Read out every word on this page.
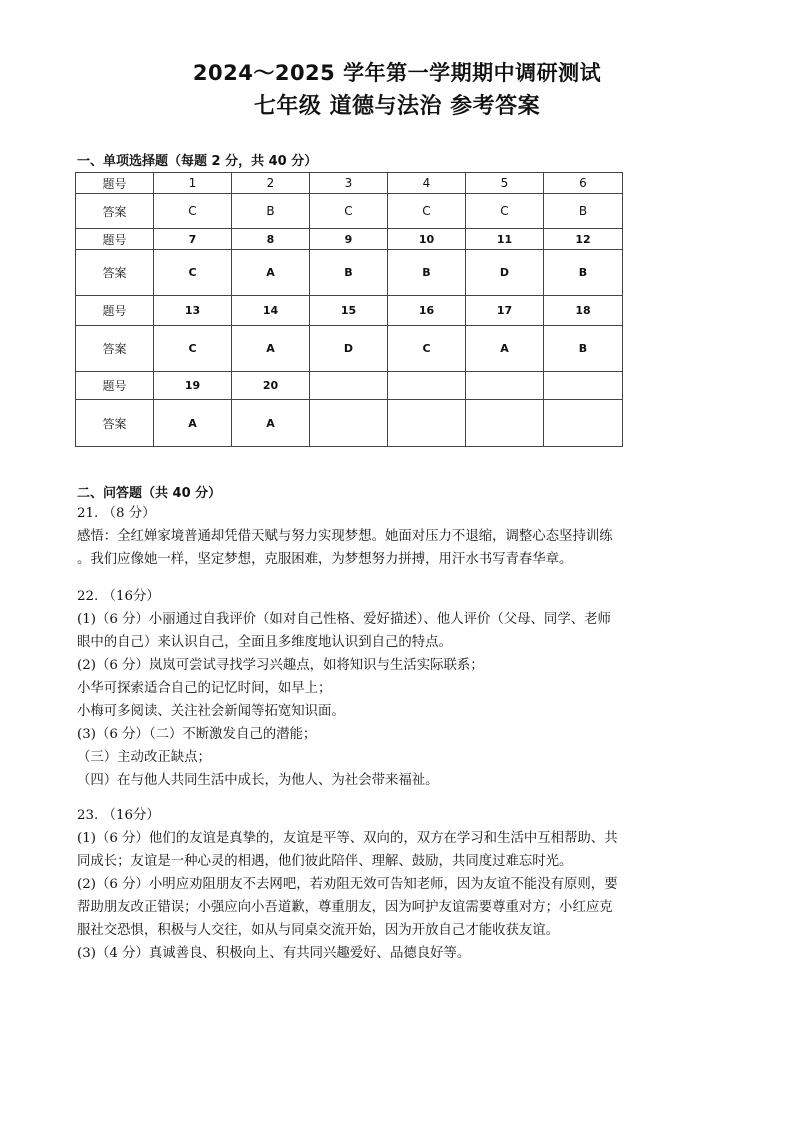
2024～2025 学年第一学期期中调研测试
七年级 道德与法治 参考答案
一、单项选择题（每题 2 分，共 40 分）
题号	1	2	3	4	5	6
答案	C	B	C	C	C	B
题号	7	8	9	10	11	12
答案	C	A	B	B	D	B
题号	13	14	15	16	17	18
答案	C	A	D	C	A	B
题号	19	20				
答案	A	A				
二、问答题（共 40 分）
21. （8 分）
感悟：全红婵家境普通却凭借天赋与努力实现梦想。她面对压力不退缩，调整心态坚持训练
。我们应像她一样，坚定梦想，克服困难，为梦想努力拼搏，用汗水书写青春华章。
22. （16分）
(1)（6 分）小丽通过自我评价（如对自己性格、爱好描述）、他人评价（父母、同学、老师
眼中的自己）来认识自己，全面且多维度地认识到自己的特点。
(2)（6 分）岚岚可尝试寻找学习兴趣点，如将知识与生活实际联系；
小华可探索适合自己的记忆时间，如早上；
小梅可多阅读、关注社会新闻等拓宽知识面。
(3)（6 分）（二）不断激发自己的潜能；
（三）主动改正缺点；
（四）在与他人共同生活中成长，为他人、为社会带来福祉。
23. （16分）
(1)（6 分）他们的友谊是真挚的，友谊是平等、双向的，双方在学习和生活中互相帮助、共
同成长；友谊是一种心灵的相遇，他们彼此陪伴、理解、鼓励，共同度过难忘时光。
(2)（6 分）小明应劝阻朋友不去网吧，若劝阻无效可告知老师，因为友谊不能没有原则，要
帮助朋友改正错误；小强应向小吾道歉，尊重朋友，因为呵护友谊需要尊重对方；小红应克
服社交恐惧，积极与人交往，如从与同桌交流开始，因为开放自己才能收获友谊。
(3)（4 分）真诚善良、积极向上、有共同兴趣爱好、品德良好等。
